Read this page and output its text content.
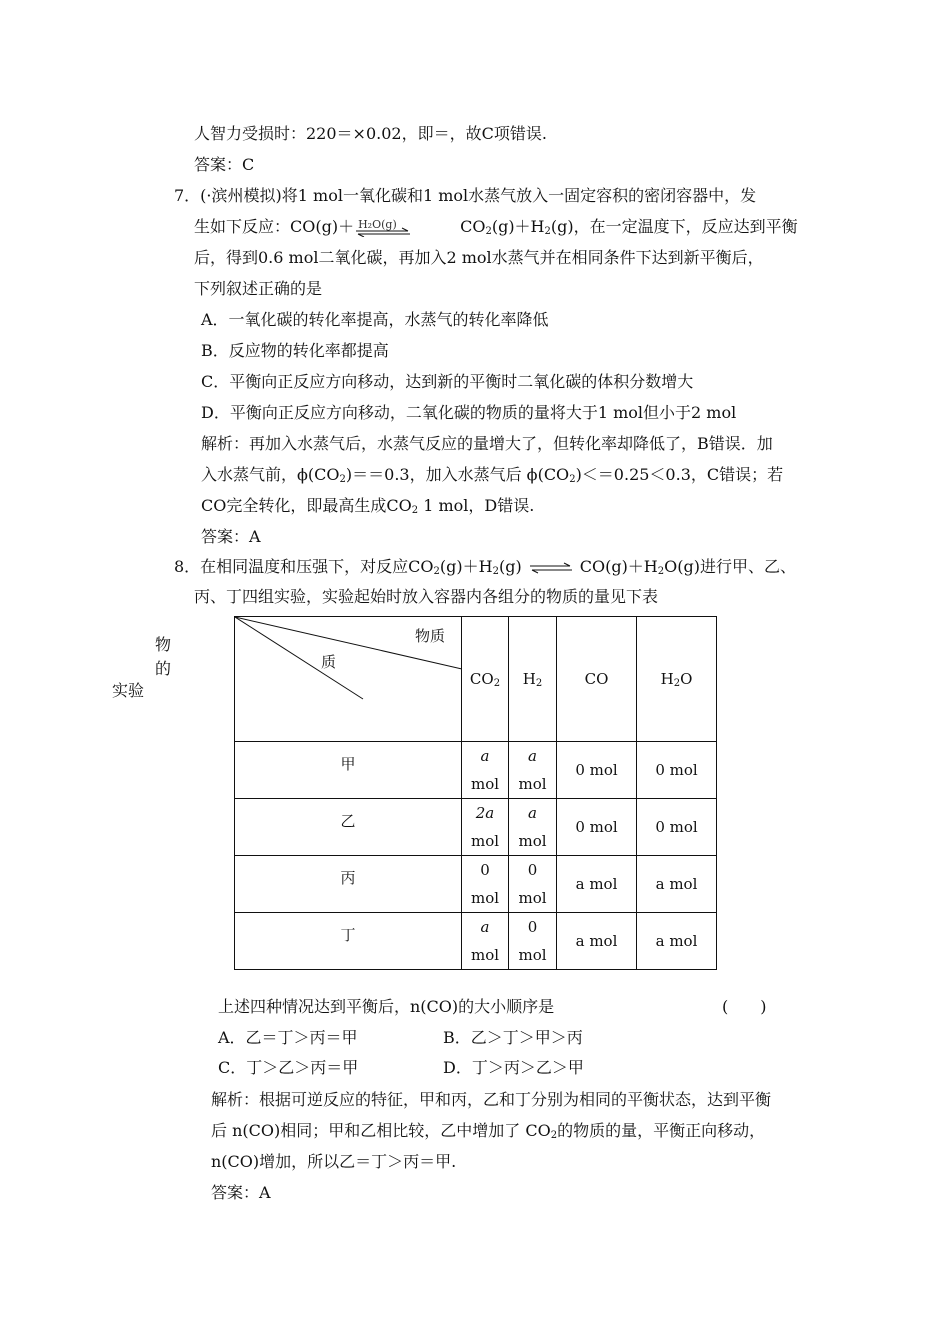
人智力受损时：220＝×0.02，即＝，故C项错误.
答案：C
7．(·滨州模拟)将1 mol一氧化碳和1 mol水蒸气放入一固定容积的密闭容器中，发
生如下反应：CO(g)＋ H₂O(g)	$CO_2(g)+H_2(g)$，在一定温度下，反应达到平衡
后，得到0.6 mol二氧化碳，再加入2 mol水蒸气并在相同条件下达到新平衡后，
下列叙述正确的是
A．一氧化碳的转化率提高，水蒸气的转化率降低
B．反应物的转化率都提高
C．平衡向正反应方向移动，达到新的平衡时二氧化碳的体积分数增大
D．平衡向正反应方向移动，二氧化碳的物质的量将大于1 mol但小于2 mol
解析：再加入水蒸气后，水蒸气反应的量增大了，但转化率却降低了，B错误．加
入水蒸气前，$\phi(CO_2)==0.3$，加入水蒸气后 $\phi(CO_2)<=0.25<0.3$，C错误；若
CO完全转化，即最高生成$CO_2$ 1 mol，D错误.
答案：A
8．在相同温度和压强下，对反应$CO_2(g)+H_2(g)$ ⇌ $CO(g)+H_2O(g)$进行甲、乙、
丙、丁四组实验，实验起始时放入容器内各组分的物质的量见下表
物
的
实验
物质
质	$CO_2$	$H_2$	CO	$H_2O$
甲	a
mol	a
mol	0 mol	0 mol
乙	2a
mol	a
mol	0 mol	0 mol
丙	0
mol	0
mol	a mol	a mol
丁	a
mol	0
mol	a mol	a mol
上述四种情况达到平衡后，n(CO)的大小顺序是	(　　)
A．乙＝丁＞丙＝甲	B．乙＞丁＞甲＞丙
C．丁＞乙＞丙＝甲	D．丁＞丙＞乙＞甲
解析：根据可逆反应的特征，甲和丙，乙和丁分别为相同的平衡状态，达到平衡
后 n(CO)相同；甲和乙相比较，乙中增加了 $CO_2$的物质的量，平衡正向移动，
n(CO)增加，所以乙＝丁＞丙＝甲.
答案：A
